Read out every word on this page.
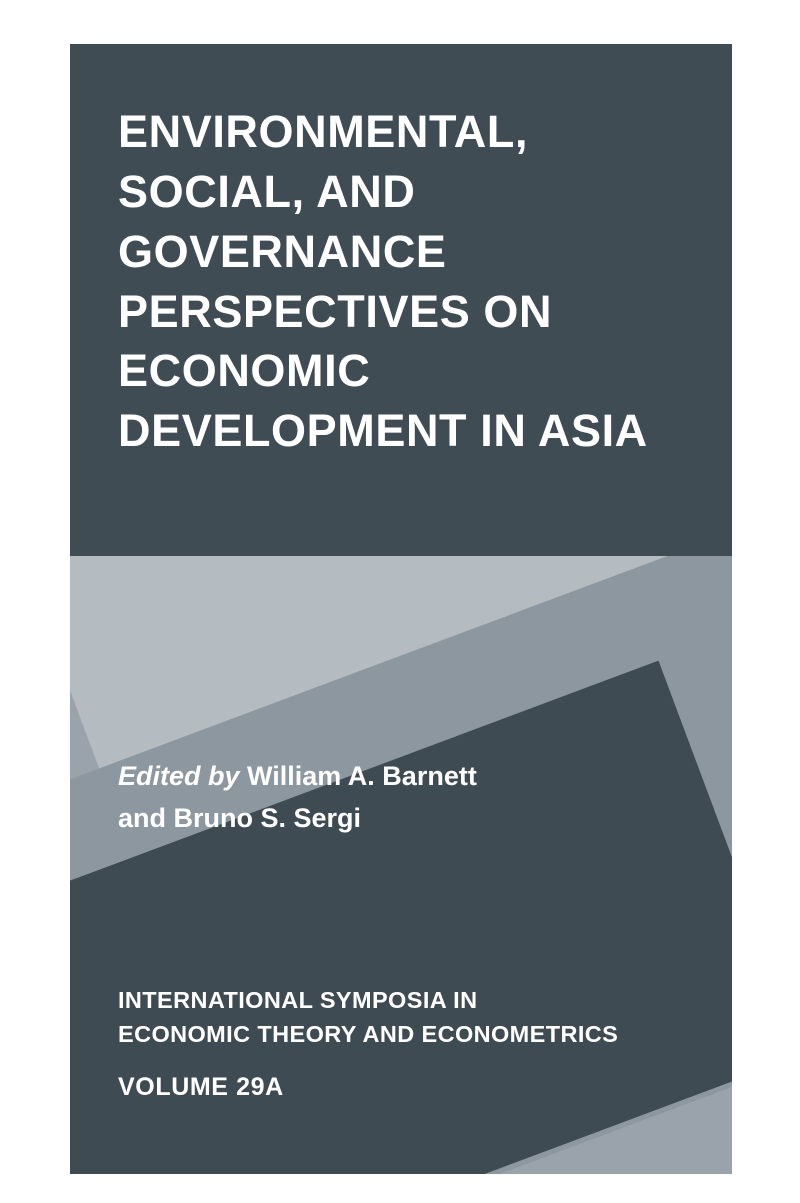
ENVIRONMENTAL, SOCIAL, AND GOVERNANCE PERSPECTIVES ON ECONOMIC DEVELOPMENT IN ASIA
Edited by William A. Barnett
and Bruno S. Sergi
INTERNATIONAL SYMPOSIA IN
ECONOMIC THEORY AND ECONOMETRICS
VOLUME 29A
